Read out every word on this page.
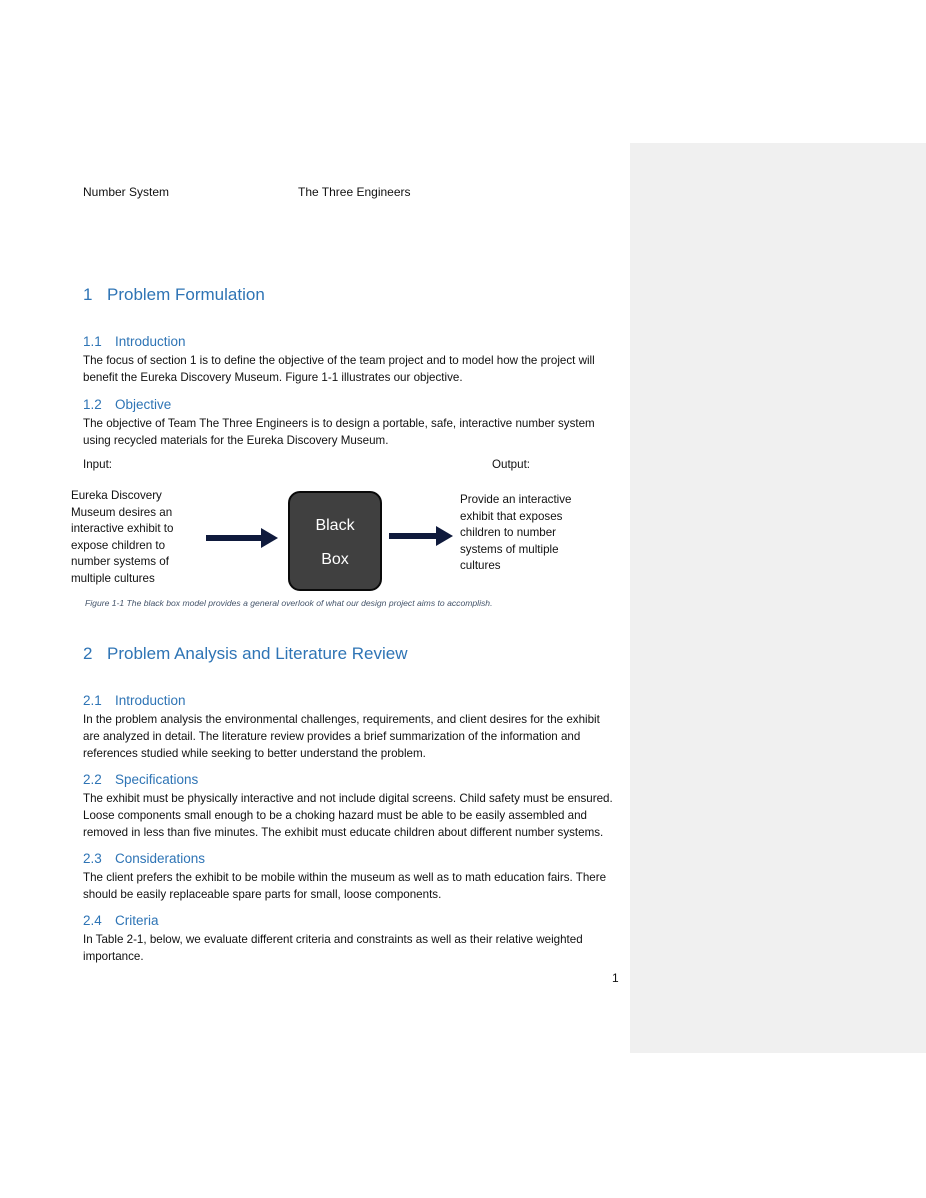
Number System	The Three Engineers
1 Problem Formulation
1.1 Introduction
The focus of section 1 is to define the objective of the team project and to model how the project will
benefit the Eureka Discovery Museum. Figure 1-1 illustrates our objective.
1.2 Objective
The objective of Team The Three Engineers is to design a portable, safe, interactive number system
using recycled materials for the Eureka Discovery Museum.
Input:	Output:
Eureka Discovery
Museum desires an
interactive exhibit to
expose children to
number systems of
multiple cultures
Black
Box
Provide an interactive
exhibit that exposes
children to number
systems of multiple
cultures
Figure 1-1 The black box model provides a general overlook of what our design project aims to accomplish.
2 Problem Analysis and Literature Review
2.1 Introduction
In the problem analysis the environmental challenges, requirements, and client desires for the exhibit
are analyzed in detail. The literature review provides a brief summarization of the information and
references studied while seeking to better understand the problem.
2.2 Specifications
The exhibit must be physically interactive and not include digital screens. Child safety must be ensured.
Loose components small enough to be a choking hazard must be able to be easily assembled and
removed in less than five minutes. The exhibit must educate children about different number systems.
2.3 Considerations
The client prefers the exhibit to be mobile within the museum as well as to math education fairs. There
should be easily replaceable spare parts for small, loose components.
2.4 Criteria
In Table 2-1, below, we evaluate different criteria and constraints as well as their relative weighted
importance.
1
